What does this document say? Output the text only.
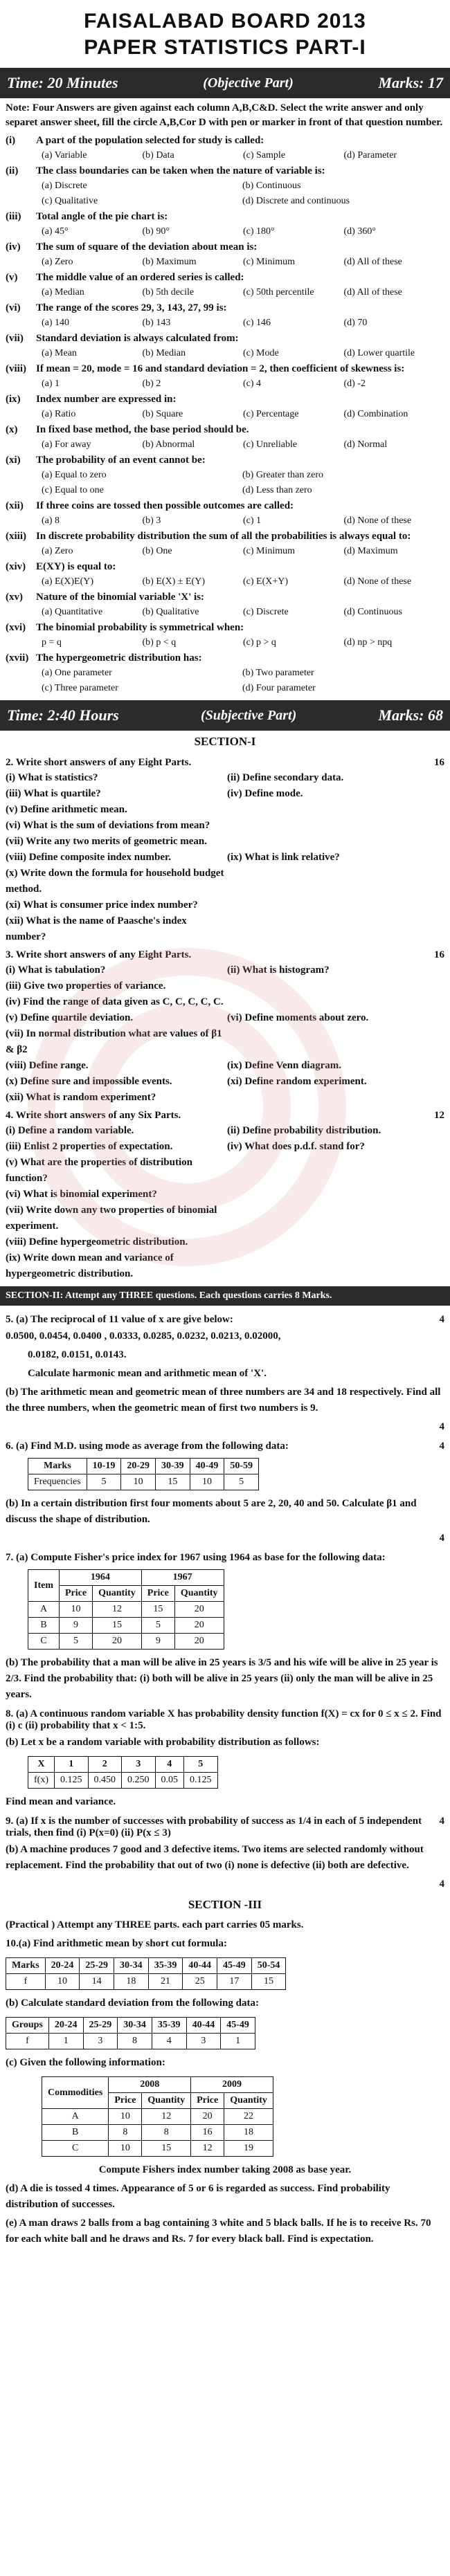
FAISALABAD BOARD 2013
PAPER STATISTICS PART-I
Time: 20 Minutes	(Objective Part)	Marks: 17
Note: Four Answers are given against each column A,B,C&D. Select the write answer and only separet answer sheet, fill the circle A,B,Cor D with pen or marker in front of that question number.
(i)	A part of the population selected for study is called:
(a) Variable	(b) Data	(c) Sample	(d) Parameter
(ii)	The class boundaries can be taken when the nature of variable is:
(a) Discrete	(b) Continuous
(c) Qualitative	(d) Discrete and continuous
(iii)	Total angle of the pie chart is:
(a) 45°	(b) 90°	(c) 180°	(d) 360°
(iv)	The sum of square of the deviation about mean is:
(a) Zero	(b) Maximum	(c) Minimum	(d) All of these
(v)	The middle value of an ordered series is called:
(a) Median	(b) 5th decile	(c) 50th percentile	(d) All of these
(vi)	The range of the scores 29, 3, 143, 27, 99 is:
(a) 140	(b) 143	(c) 146	(d) 70
(vii)	Standard deviation is always calculated from:
(a) Mean	(b) Median	(c) Mode	(d) Lower quartile
(viii) If mean = 20, mode = 16 and standard deviation = 2, then coefficient of skewness is:
(a) 1	(b) 2	(c) 4	(d) -2
(ix)	Index number are expressed in:
(a) Ratio	(b) Square	(c) Percentage	(d) Combination
(x)	In fixed base method, the base period should be.
(a) For away	(b) Abnormal	(c) Unreliable	(d) Normal
(xi)	The probability of an event cannot be:
(a) Equal to zero	(b) Greater than zero
(c) Equal to one	(d) Less than zero
(xii)	If three coins are tossed then possible outcomes are called:
(a) 8	(b) 3	(c) 1	(d) None of these
(xiii) In discrete probability distribution the sum of all the probabilities is always equal to:
(a) Zero	(b) One	(c) Minimum	(d) Maximum
(xiv) E(XY) is equal to:
(a) E(X)E(Y)	(b) E(X) ± E(Y)	(c) E(X+Y)	(d) None of these
(xv)	Nature of the binomial variable 'X' is:
(a) Quantitative	(b) Qualitative	(c) Discrete	(d) Continuous
(xvi) The binomial probability is symmetrical when:
p = q	(b) p < q	(c) p > q	(d) np > npq
(xvii) The hypergeometric distribution has:
(a) One parameter	(b) Two parameter
(c) Three parameter	(d) Four parameter
Time: 2:40 Hours	(Subjective Part)	Marks: 68
SECTION-I
2. Write short answers of any Eight Parts.	16
(i) What is statistics?	(ii) Define secondary data.
(iii) What is quartile?	(iv) Define mode.
(v) Define arithmetic mean.
(vi) What is the sum of deviations from mean?
(vii) Write any two merits of geometric mean.
(viii) Define composite index number.	(ix) What is link relative?
(x) Write down the formula for household budget method.
(xi) What is consumer price index number?
(xii) What is the name of Paasche's index number?
3. Write short answers of any Eight Parts.	16
(i) What is tabulation?	(ii) What is histogram?
(iii) Give two properties of variance.
(iv) Find the range of data given as C, C, C, C, C.
(v) Define quartile deviation.	(vi) Define moments about zero.
(vii) In normal distribution what are values of β1 & β2
(viii) Define range.	(ix) Define Venn diagram.
(x) Define sure and impossible events.	(xi) Define random experiment.
(xii) What is random experiment?
4. Write short answers of any Six Parts.	12
(i) Define a random variable.	(ii) Define probability distribution.
(iii) Enlist 2 properties of expectation.	(iv) What does p.d.f. stand for?
(v) What are the properties of distribution function?
(vi) What is binomial experiment?
(vii) Write down any two properties of binomial experiment.
(viii) Define hypergeometric distribution.
(ix) Write down mean and variance of hypergeometric distribution.
SECTION-II: Attempt any THREE questions. Each questions carries 8 Marks.
5. (a) The reciprocal of 11 value of x are give below:	4
0.0500, 0.0454, 0.0400 , 0.0333, 0.0285, 0.0232, 0.0213, 0.02000,
0.0182, 0.0151, 0.0143.
Calculate harmonic mean and arithmetic mean of 'X'.
(b) The arithmetic mean and geometric mean of three numbers are 34 and 18 respectively. Find all the three numbers, when the geometric mean of first two numbers is 9.
4
6. (a) Find M.D. using mode as average from the following data:	4
Marks	10-19	20-29	30-39	40-49	50-59
Frequencies	5	10	15	10	5
(b) In a certain distribution first four moments about 5 are 2, 20, 40 and 50. Calculate β1 and discuss the shape of distribution.
4
7. (a) Compute Fisher's price index for 1967 using 1964 as base for the following data:
Item	1964		1967	
	Price	Quantity	Price	Quantity
A	10	12	15	20
B	9	15	5	20
C	5	20	9	20
(b) The probability that a man will be alive in 25 years is 3/5 and his wife will be alive in 25 year is 2/3. Find the probability that: (i) both will be alive in 25 years (ii) only the man will be alive in 25 years.
8. (a) A continuous random variable X has probability density function f(X) = cx for 0 ≤ x ≤ 2. Find (i) c (ii) probability that x < 1:5.
(b) Let x be a random variable with probability distribution as follows:
X	1	2	3	4	5
f(x)	0.125	0.450	0.250	0.05	0.125
Find mean and variance.
9. (a) If x is the number of successes with probability of success as 1/4 in each of 5 independent trials, then find (i) P(x=0) (ii) P(x ≤ 3)
4
(b) A machine produces 7 good and 3 defective items. Two items are selected randomly without replacement. Find the probability that out of two (i) none is defective (ii) both are defective.
4
SECTION -III
(Practical ) Attempt any THREE parts. each part carries 05 marks.
10.(a) Find arithmetic mean by short cut formula:
Marks	20-24	25-29	30-34	35-39	40-44	45-49	50-54
f	10	14	18	21	25	17	15
(b) Calculate standard deviation from the following data:
Groups	20-24	25-29	30-34	35-39	40-44	45-49
f	1	3	8	4	3	1
(c) Given the following information:
Commodities	2008		2009	
	Price	Quantity	Price	Quantity
A	10	12	20	22
B	8	8	16	18
C	10	15	12	19
Compute Fishers index number taking 2008 as base year.
(d) A die is tossed 4 times. Appearance of 5 or 6 is regarded as success. Find probability distribution of successes.
(e) A man draws 2 balls from a bag containing 3 white and 5 black balls. If he is to receive Rs. 70 for each white ball and he draws and Rs. 7 for every black ball. Find is expectation.
